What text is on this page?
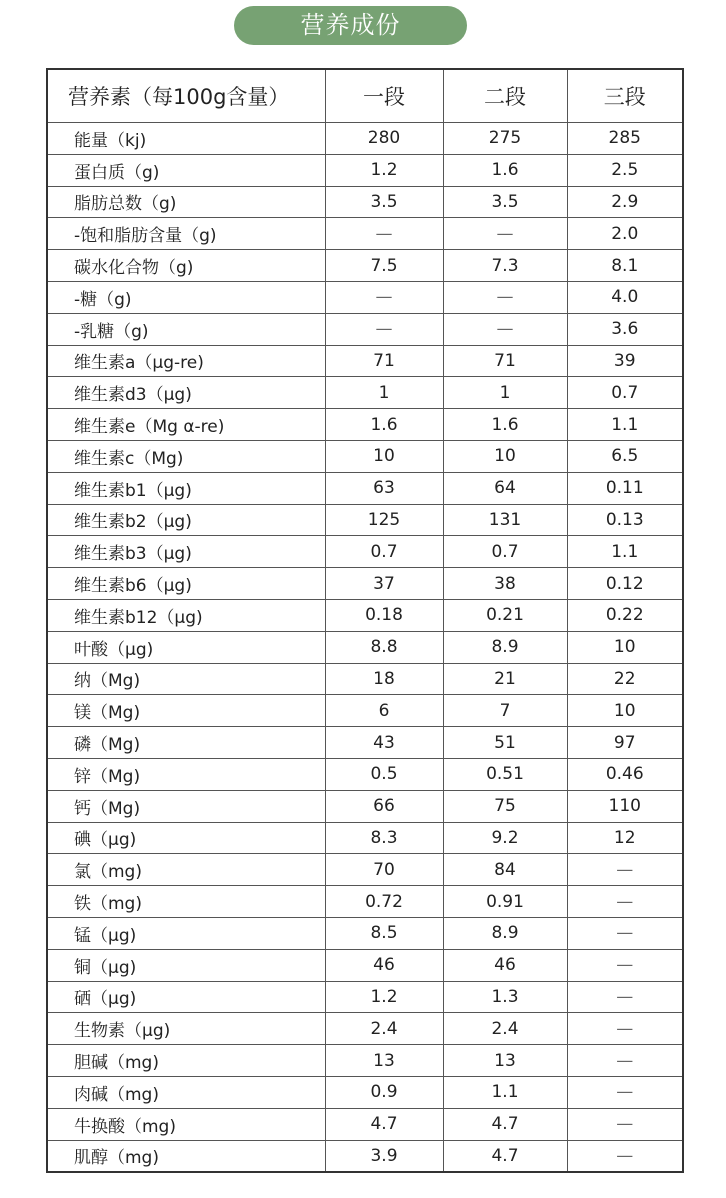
营养成份
营养素（每100g含量）	一段	二段	三段
能量（kj)	280	275	285
蛋白质（g)	1.2	1.6	2.5
脂肪总数（g)	3.5	3.5	2.9
-饱和脂肪含量（g)	—	—	2.0
碳水化合物（g)	7.5	7.3	8.1
-糖（g)	—	—	4.0
-乳糖（g)	—	—	3.6
维生素a（μg-re)	71	71	39
维生素d3（μg)	1	1	0.7
维生素e（Mg α-re)	1.6	1.6	1.1
维生素c（Mg)	10	10	6.5
维生素b1（μg)	63	64	0.11
维生素b2（μg)	125	131	0.13
维生素b3（μg)	0.7	0.7	1.1
维生素b6（μg)	37	38	0.12
维生素b12（μg)	0.18	0.21	0.22
叶酸（μg)	8.8	8.9	10
纳（Mg)	18	21	22
镁（Mg)	6	7	10
磷（Mg)	43	51	97
锌（Mg)	0.5	0.51	0.46
钙（Mg)	66	75	110
碘（μg)	8.3	9.2	12
氯（mg)	70	84	—
铁（mg)	0.72	0.91	—
锰（μg)	8.5	8.9	—
铜（μg)	46	46	—
硒（μg)	1.2	1.3	—
生物素（μg)	2.4	2.4	—
胆碱（mg)	13	13	—
肉碱（mg)	0.9	1.1	—
牛换酸（mg)	4.7	4.7	—
肌醇（mg)	3.9	4.7	—
